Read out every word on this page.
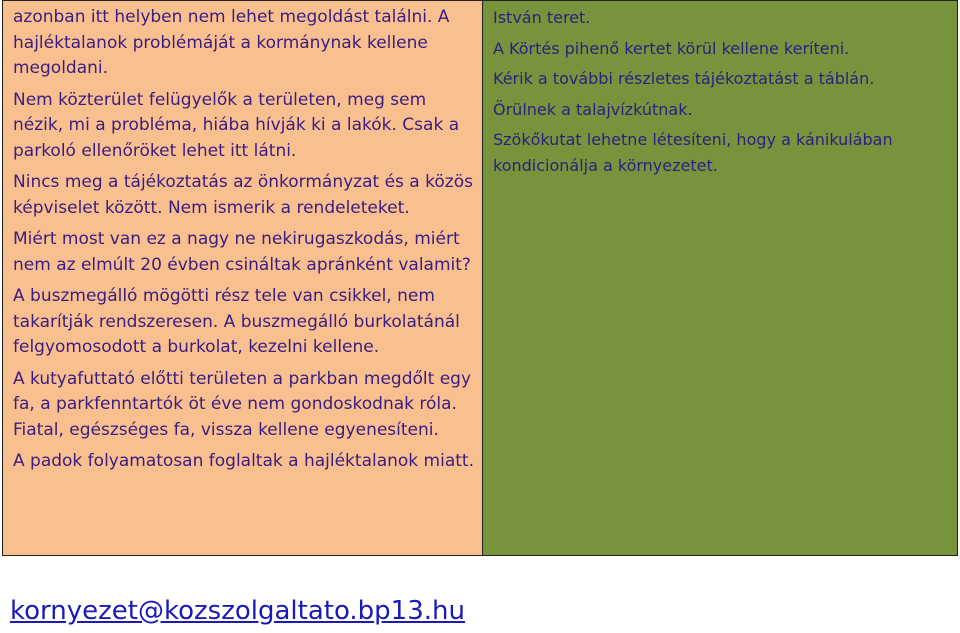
azonban itt helyben nem lehet megoldást találni. A hajléktalanok problémáját a kormánynak kellene megoldani.

Nem közterület felügyelők a területen, meg sem nézik, mi a probléma, hiába hívják ki a lakók. Csak a parkoló ellenőröket lehet itt látni.

Nincs meg a tájékoztatás az önkormányzat és a közös képviselet között. Nem ismerik a rendeleteket.

Miért most van ez a nagy ne nekirugaszkodás, miért nem az elmúlt 20 évben csináltak apránként valamit?

A buszmegálló mögötti rész tele van csikkel, nem takarítják rendszeresen. A buszmegálló burkolatánál felgyomosodott a burkolat, kezelni kellene.

A kutyafuttató előtti területen a parkban megdőlt egy fa, a parkfenntartók öt éve nem gondoskodnak róla. Fiatal, egészséges fa, vissza kellene egyenesíteni.

A padok folyamatosan foglaltak a hajléktalanok miatt.

István teret.

A Körtés pihenő kertet körül kellene keríteni.

Kérik a további részletes tájékoztatást a táblán.

Örülnek a talajvízkútnak.

Szökőkutat lehetne létesíteni, hogy a kánikulában kondicionálja a környezetet.

kornyezet@kozszolgaltato.bp13.hu
